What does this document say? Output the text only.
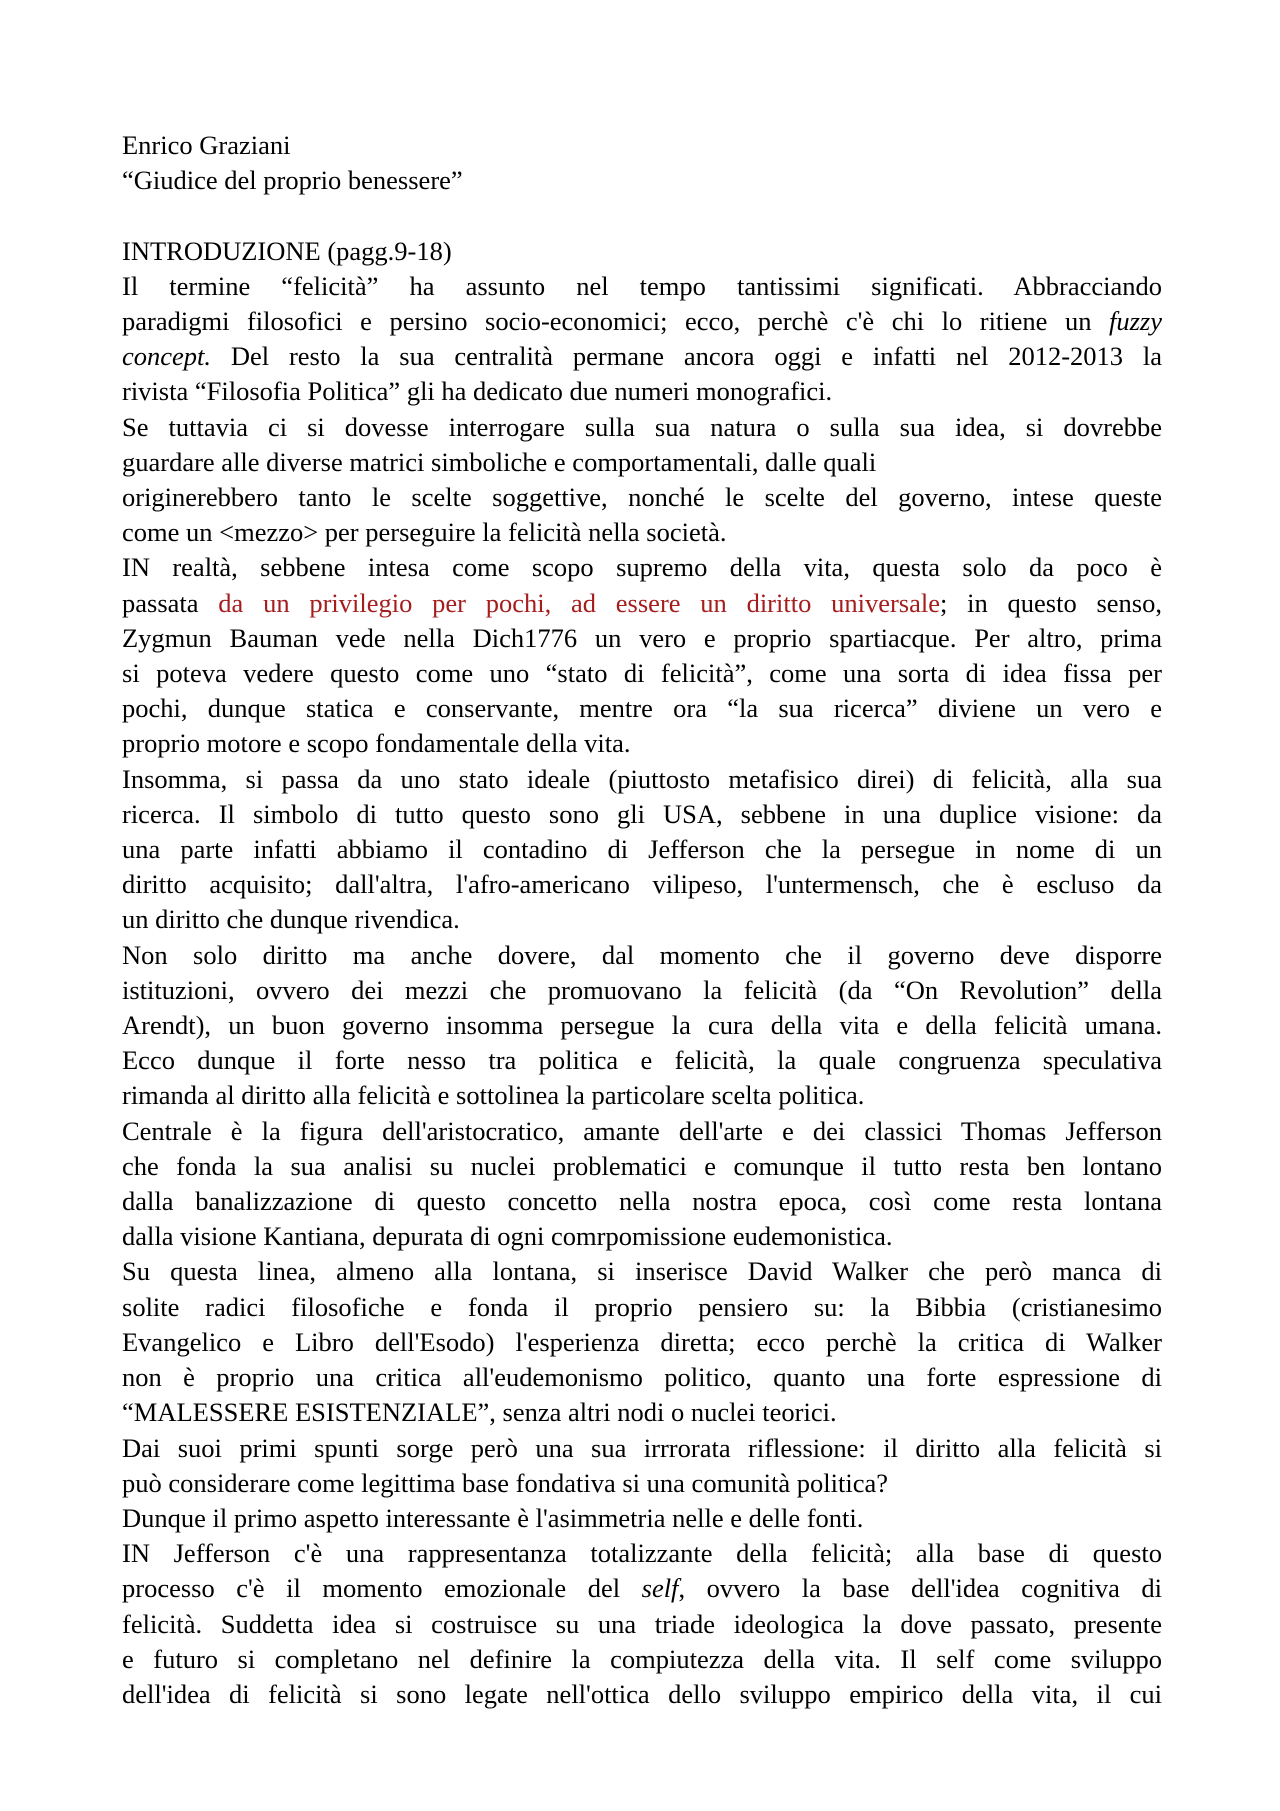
Enrico Graziani
“Giudice del proprio benessere”
INTRODUZIONE (pagg.9-18)
Il termine “felicità” ha assunto nel tempo tantissimi significati. Abbracciando
paradigmi filosofici e persino socio-economici; ecco, perchè c'è chi lo ritiene un fuzzy
concept. Del resto la sua centralità permane ancora oggi e infatti nel 2012-2013 la
rivista “Filosofia Politica” gli ha dedicato due numeri monografici.
Se tuttavia ci si dovesse interrogare sulla sua natura o sulla sua idea, si dovrebbe
guardare alle diverse matrici simboliche e comportamentali, dalle quali
originerebbero tanto le scelte soggettive, nonché le scelte del governo, intese queste
come un <mezzo> per perseguire la felicità nella società.
IN realtà, sebbene intesa come scopo supremo della vita, questa solo da poco è
passata da un privilegio per pochi, ad essere un diritto universale; in questo senso,
Zygmun Bauman vede nella Dich1776 un vero e proprio spartiacque. Per altro, prima
si poteva vedere questo come uno “stato di felicità”, come una sorta di idea fissa per
pochi, dunque statica e conservante, mentre ora “la sua ricerca” diviene un vero e
proprio motore e scopo fondamentale della vita.
Insomma, si passa da uno stato ideale (piuttosto metafisico direi) di felicità, alla sua
ricerca. Il simbolo di tutto questo sono gli USA, sebbene in una duplice visione: da
una parte infatti abbiamo il contadino di Jefferson che la persegue in nome di un
diritto acquisito; dall'altra, l'afro-americano vilipeso, l'untermensch, che è escluso da
un diritto che dunque rivendica.
Non solo diritto ma anche dovere, dal momento che il governo deve disporre
istituzioni, ovvero dei mezzi che promuovano la felicità (da “On Revolution” della
Arendt), un buon governo insomma persegue la cura della vita e della felicità umana.
Ecco dunque il forte nesso tra politica e felicità, la quale congruenza speculativa
rimanda al diritto alla felicità e sottolinea la particolare scelta politica.
Centrale è la figura dell'aristocratico, amante dell'arte e dei classici Thomas Jefferson
che fonda la sua analisi su nuclei problematici e comunque il tutto resta ben lontano
dalla banalizzazione di questo concetto nella nostra epoca, così come resta lontana
dalla visione Kantiana, depurata di ogni comrpomissione eudemonistica.
Su questa linea, almeno alla lontana, si inserisce David Walker che però manca di
solite radici filosofiche e fonda il proprio pensiero su: la Bibbia (cristianesimo
Evangelico e Libro dell'Esodo) l'esperienza diretta; ecco perchè la critica di Walker
non è proprio una critica all'eudemonismo politico, quanto una forte espressione di
“MALESSERE ESISTENZIALE”, senza altri nodi o nuclei teorici.
Dai suoi primi spunti sorge però una sua irrrorata riflessione: il diritto alla felicità si
può considerare come legittima base fondativa si una comunità politica?
Dunque il primo aspetto interessante è l'asimmetria nelle e delle fonti.
IN Jefferson c'è una rappresentanza totalizzante della felicità; alla base di questo
processo c'è il momento emozionale del self, ovvero la base dell'idea cognitiva di
felicità. Suddetta idea si costruisce su una triade ideologica la dove passato, presente
e futuro si completano nel definire la compiutezza della vita. Il self come sviluppo
dell'idea di felicità si sono legate nell'ottica dello sviluppo empirico della vita, il cui
